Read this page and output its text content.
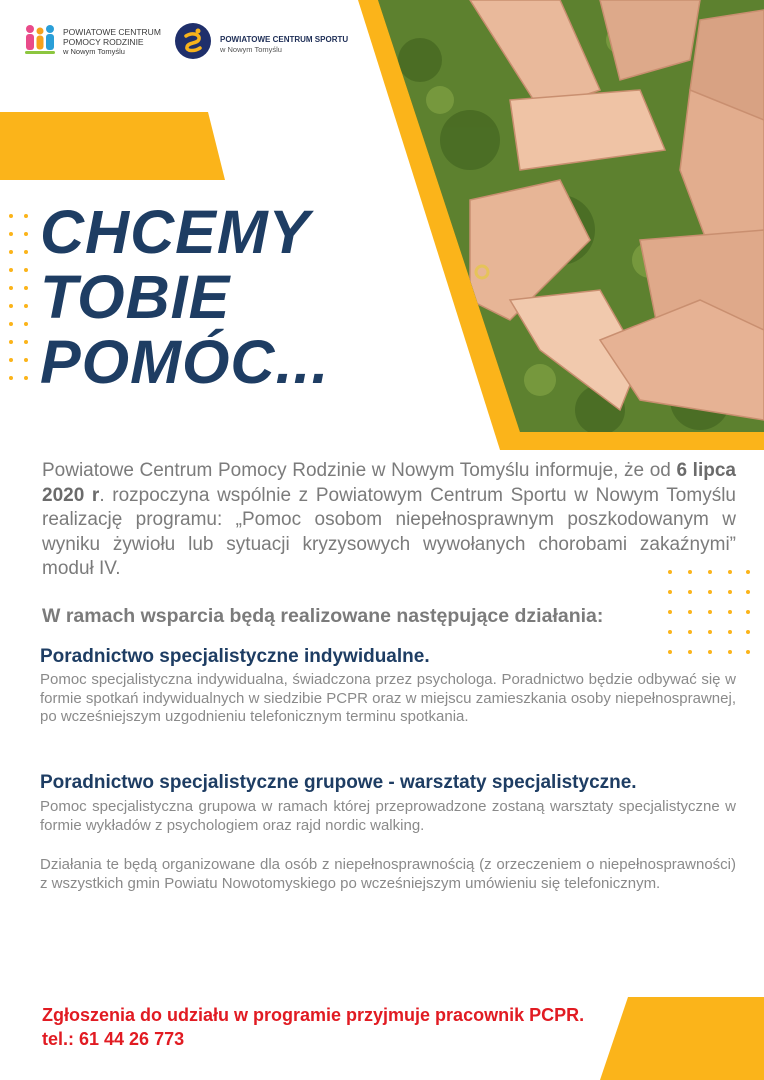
POWIATOWE CENTRUM
POMOCY RODZINIE
w Nowym Tomyślu
POWIATOWE CENTRUM SPORTU
w Nowym Tomyślu
CHCEMY
TOBIE
POMÓC...
Powiatowe Centrum Pomocy Rodzinie w Nowym Tomyślu informuje, że od 6 lipca 2020 r. rozpoczyna wspólnie z Powiatowym Centrum Sportu w Nowym Tomyślu realizację programu: „Pomoc osobom niepełnosprawnym poszkodowanym w wyniku żywiołu lub sytuacji kryzysowych wywołanych chorobami zakaźnymi” moduł IV.
W ramach wsparcia będą realizowane następujące działania:
Poradnictwo specjalistyczne indywidualne.
Pomoc specjalistyczna indywidualna, świadczona przez psychologa. Poradnictwo będzie odbywać się w formie spotkań indywidualnych w siedzibie PCPR oraz w miejscu zamieszkania osoby niepełnosprawnej, po wcześniejszym uzgodnieniu telefonicznym terminu spotkania.
Poradnictwo specjalistyczne grupowe - warsztaty specjalistyczne.
Pomoc specjalistyczna grupowa w ramach której przeprowadzone zostaną warsztaty specjalistyczne w formie wykładów z psychologiem oraz rajd nordic walking.
Działania te będą organizowane dla osób z niepełnosprawnością (z orzeczeniem o niepełnosprawności) z wszystkich gmin Powiatu Nowotomyskiego po wcześniejszym umówieniu się telefonicznym.
Zgłoszenia do udziału w programie przyjmuje pracownik PCPR.
tel.: 61 44 26 773
